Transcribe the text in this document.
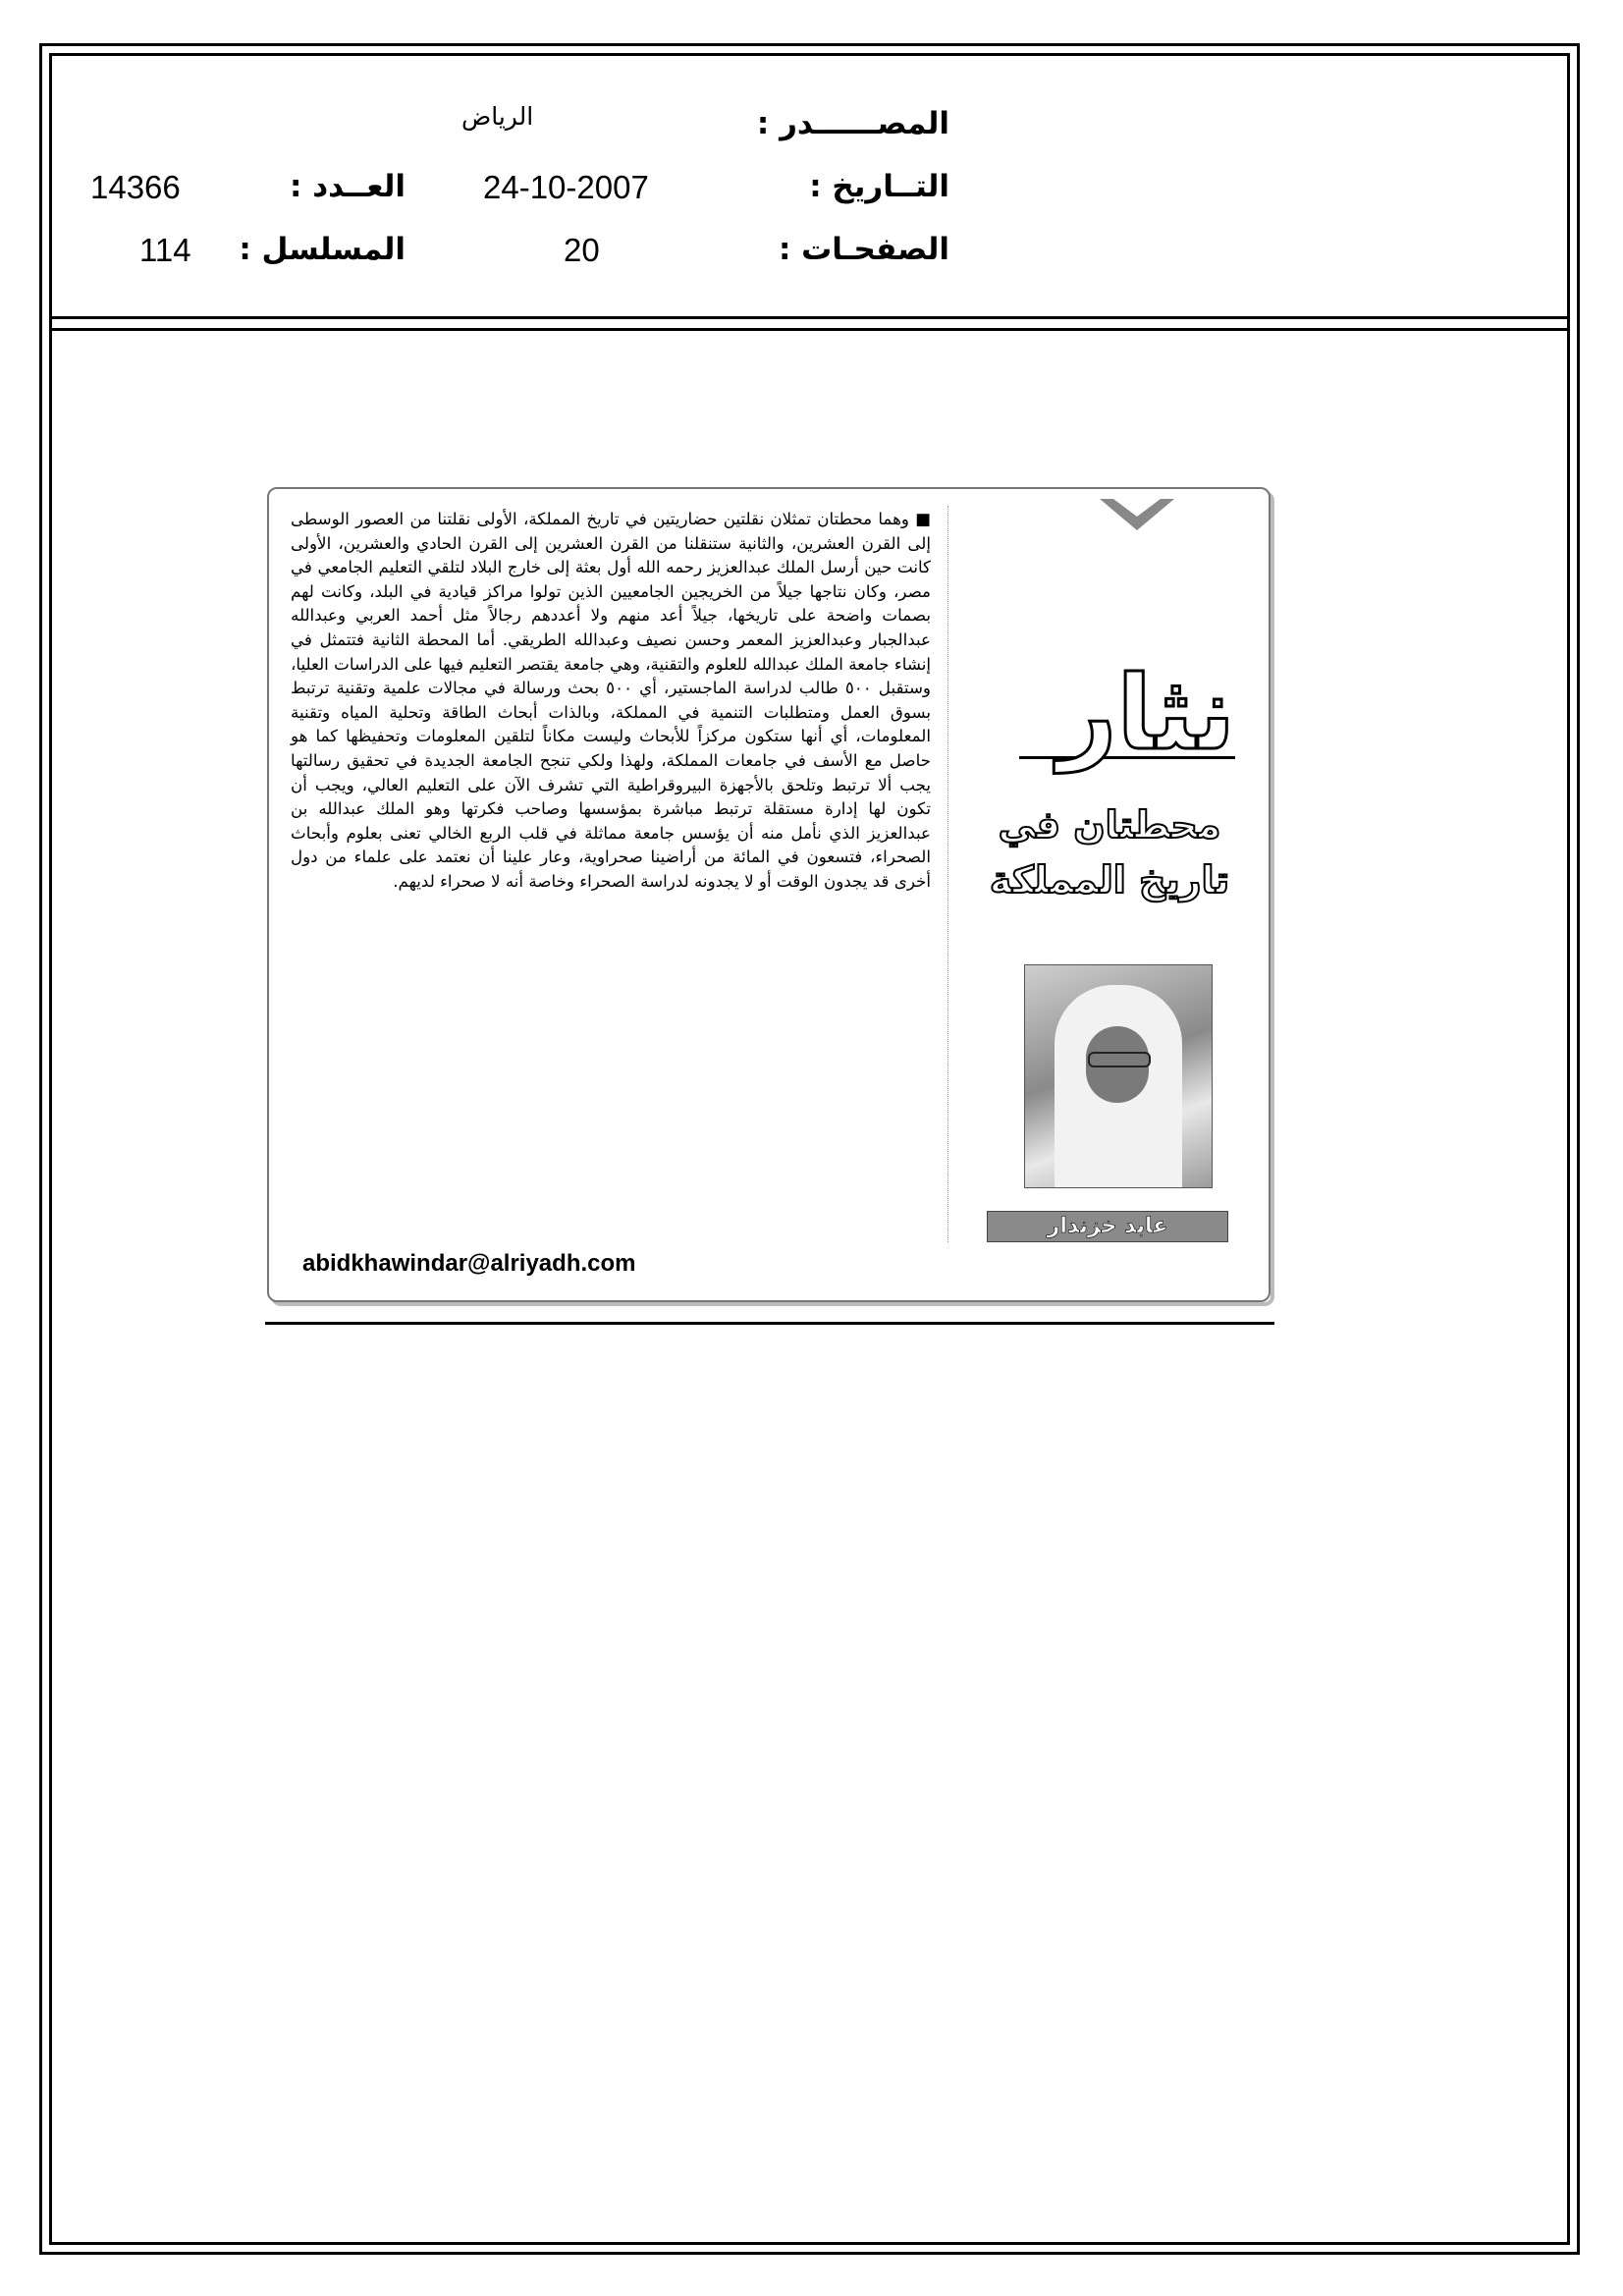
المصــــــدر :
الرياض
التــاريخ :
24-10-2007
العــدد :
14366
الصفحـات :
20
المسلسل :
114
■ وهما محطتان تمثلان نقلتين حضاريتين في تاريخ المملكة، الأولى نقلتنا من العصور الوسطى إلى القرن العشرين، والثانية ستنقلنا من القرن العشرين إلى القرن الحادي والعشرين، الأولى كانت حين أرسل الملك عبدالعزيز رحمه الله أول بعثة إلى خارج البلاد لتلقي التعليم الجامعي في مصر، وكان نتاجها جيلاً من الخريجين الجامعيين الذين تولوا مراكز قيادية في البلد، وكانت لهم بصمات واضحة على تاريخها، جيلاً أعد منهم ولا أعددهم رجالاً مثل أحمد العربي وعبدالله عبدالجبار وعبدالعزيز المعمر وحسن نصيف وعبدالله الطريقي. أما المحطة الثانية فتتمثل في إنشاء جامعة الملك عبدالله للعلوم والتقنية، وهي جامعة يقتصر التعليم فيها على الدراسات العليا، وستقبل ٥٠٠ طالب لدراسة الماجستير، أي ٥٠٠ بحث ورسالة في مجالات علمية وتقنية ترتبط بسوق العمل ومتطلبات التنمية في المملكة، وبالذات أبحاث الطاقة وتحلية المياه وتقنية المعلومات، أي أنها ستكون مركزاً للأبحاث وليست مكاناً لتلقين المعلومات وتحفيظها كما هو حاصل مع الأسف في جامعات المملكة، ولهذا ولكي تنجح الجامعة الجديدة في تحقيق رسالتها يجب ألا ترتبط وتلحق بالأجهزة البيروقراطية التي تشرف الآن على التعليم العالي، ويجب أن تكون لها إدارة مستقلة ترتبط مباشرة بمؤسسها وصاحب فكرتها وهو الملك عبدالله بن عبدالعزيز الذي نأمل منه أن يؤسس جامعة مماثلة في قلب الربع الخالي تعنى بعلوم وأبحاث الصحراء، فتسعون في المائة من أراضينا صحراوية، وعار علينا أن نعتمد على علماء من دول أخرى قد يجدون الوقت أو لا يجدونه لدراسة الصحراء وخاصة أنه لا صحراء لديهم.
abidkhawindar@alriyadh.com
نثار
محطتان في تاريخ المملكة
عابد خزندار
